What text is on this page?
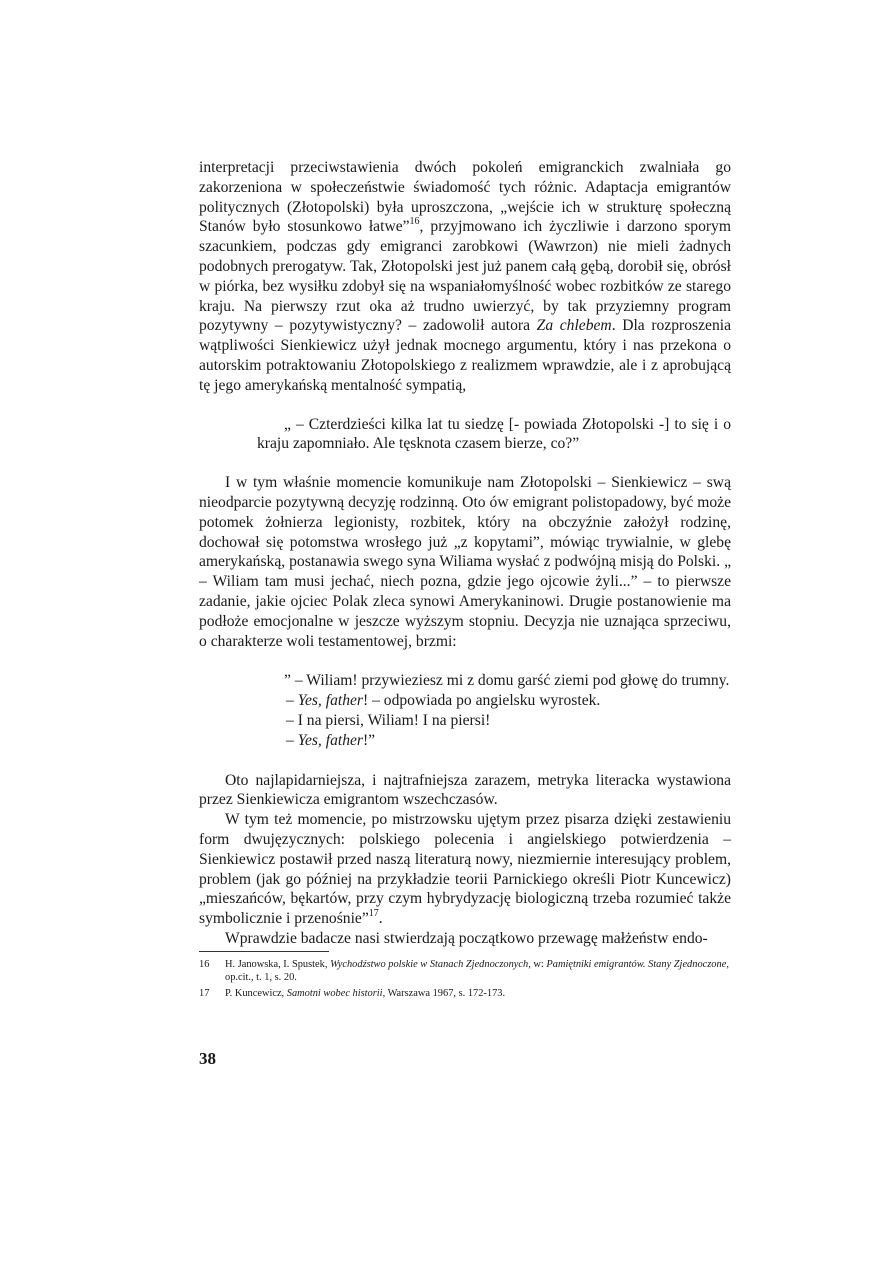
interpretacji przeciwstawienia dwóch pokoleń emigranckich zwalniała go zakorzeniona w społeczeństwie świadomość tych różnic. Adaptacja emigrantów politycznych (Złotopolski) była uproszczona, „wejście ich w strukturę społeczną Stanów było stosunkowo łatwe”$^{16}$, przyjmowano ich życzliwie i darzono sporym szacunkiem, podczas gdy emigranci zarobkowi (Wawrzon) nie mieli żadnych podobnych prerogatyw. Tak, Złotopolski jest już panem całą gębą, dorobił się, obrósł w piórka, bez wysiłku zdobył się na wspaniałomyślność wobec rozbitków ze starego kraju. Na pierwszy rzut oka aż trudno uwierzyć, by tak przyziemny program pozytywny – pozytywistyczny? – zadowolił autora Za chlebem. Dla rozproszenia wątpliwości Sienkiewicz użył jednak mocnego argumentu, który i nas przekona o autorskim potraktowaniu Złotopolskiego z realizmem wprawdzie, ale i z aprobującą tę jego amerykańską mentalność sympatią,

„ – Czterdzieści kilka lat tu siedzę [- powiada Złotopolski -] to się i o kraju zapomniało. Ale tęsknota czasem bierze, co?”

I w tym właśnie momencie komunikuje nam Złotopolski – Sienkiewicz – swą nieodparcie pozytywną decyzję rodzinną. Oto ów emigrant polistopadowy, być może potomek żołnierza legionisty, rozbitek, który na obczyźnie założył rodzinę, dochował się potomstwa wrosłego już „z kopytami”, mówiąc trywialnie, w glebę amerykańską, postanawia swego syna Wiliama wysłać z podwójną misją do Polski. „ – Wiliam tam musi jechać, niech pozna, gdzie jego ojcowie żyli...” – to pierwsze zadanie, jakie ojciec Polak zleca synowi Amerykaninowi. Drugie postanowienie ma podłoże emocjonalne w jeszcze wyższym stopniu. Decyzja nie uznająca sprzeciwu, o charakterze woli testamentowej, brzmi:

” – Wiliam! przywieziesz mi z domu garść ziemi pod głowę do trumny.
– Yes, father! – odpowiada po angielsku wyrostek.
– I na piersi, Wiliam! I na piersi!
– Yes, father!”

Oto najlapidarniejsza, i najtrafniejsza zarazem, metryka literacka wystawiona przez Sienkiewicza emigrantom wszechczasów.

W tym też momencie, po mistrzowsku ujętym przez pisarza dzięki zestawieniu form dwujęzycznych: polskiego polecenia i angielskiego potwierdzenia – Sienkiewicz postawił przed naszą literaturą nowy, niezmiernie interesujący problem, problem (jak go później na przykładzie teorii Parnickiego określi Piotr Kuncewicz) „mieszańców, bękartów, przy czym hybrydyzację biologiczną trzeba rozumieć także symbolicznie i przenośnie”$^{17}$.

Wprawdzie badacze nasi stwierdzają początkowo przewagę małżeństw endo-

16 H. Janowska, I. Spustek, Wychodźstwo polskie w Stanach Zjednoczonych, w: Pamiętniki emigrantów. Stany Zjednoczone, op.cit., t. 1, s. 20.

17 P. Kuncewicz, Samotni wobec historii, Warszawa 1967, s. 172-173.

38
